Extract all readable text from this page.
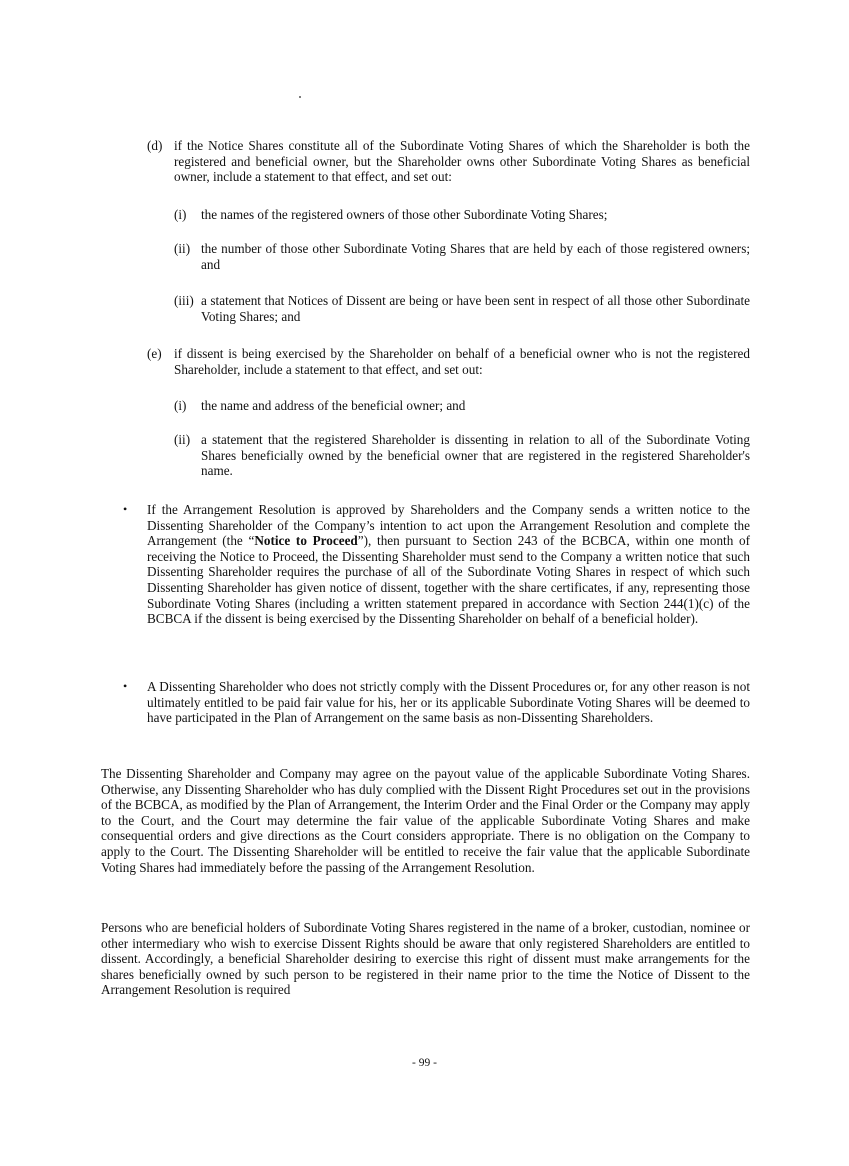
(d) if the Notice Shares constitute all of the Subordinate Voting Shares of which the Shareholder is both the registered and beneficial owner, but the Shareholder owns other Subordinate Voting Shares as beneficial owner, include a statement to that effect, and set out:

(i) the names of the registered owners of those other Subordinate Voting Shares;

(ii) the number of those other Subordinate Voting Shares that are held by each of those registered owners; and

(iii) a statement that Notices of Dissent are being or have been sent in respect of all those other Subordinate Voting Shares; and

(e) if dissent is being exercised by the Shareholder on behalf of a beneficial owner who is not the registered Shareholder, include a statement to that effect, and set out:

(i) the name and address of the beneficial owner; and

(ii) a statement that the registered Shareholder is dissenting in relation to all of the Subordinate Voting Shares beneficially owned by the beneficial owner that are registered in the registered Shareholder's name.

• If the Arrangement Resolution is approved by Shareholders and the Company sends a written notice to the Dissenting Shareholder of the Company’s intention to act upon the Arrangement Resolution and complete the Arrangement (the “Notice to Proceed”), then pursuant to Section 243 of the BCBCA, within one month of receiving the Notice to Proceed, the Dissenting Shareholder must send to the Company a written notice that such Dissenting Shareholder requires the purchase of all of the Subordinate Voting Shares in respect of which such Dissenting Shareholder has given notice of dissent, together with the share certificates, if any, representing those Subordinate Voting Shares (including a written statement prepared in accordance with Section 244(1)(c) of the BCBCA if the dissent is being exercised by the Dissenting Shareholder on behalf of a beneficial holder).

• A Dissenting Shareholder who does not strictly comply with the Dissent Procedures or, for any other reason is not ultimately entitled to be paid fair value for his, her or its applicable Subordinate Voting Shares will be deemed to have participated in the Plan of Arrangement on the same basis as non-Dissenting Shareholders.

The Dissenting Shareholder and Company may agree on the payout value of the applicable Subordinate Voting Shares. Otherwise, any Dissenting Shareholder who has duly complied with the Dissent Right Procedures set out in the provisions of the BCBCA, as modified by the Plan of Arrangement, the Interim Order and the Final Order or the Company may apply to the Court, and the Court may determine the fair value of the applicable Subordinate Voting Shares and make consequential orders and give directions as the Court considers appropriate. There is no obligation on the Company to apply to the Court. The Dissenting Shareholder will be entitled to receive the fair value that the applicable Subordinate Voting Shares had immediately before the passing of the Arrangement Resolution.

Persons who are beneficial holders of Subordinate Voting Shares registered in the name of a broker, custodian, nominee or other intermediary who wish to exercise Dissent Rights should be aware that only registered Shareholders are entitled to dissent. Accordingly, a beneficial Shareholder desiring to exercise this right of dissent must make arrangements for the shares beneficially owned by such person to be registered in their name prior to the time the Notice of Dissent to the Arrangement Resolution is required

- 99 -
